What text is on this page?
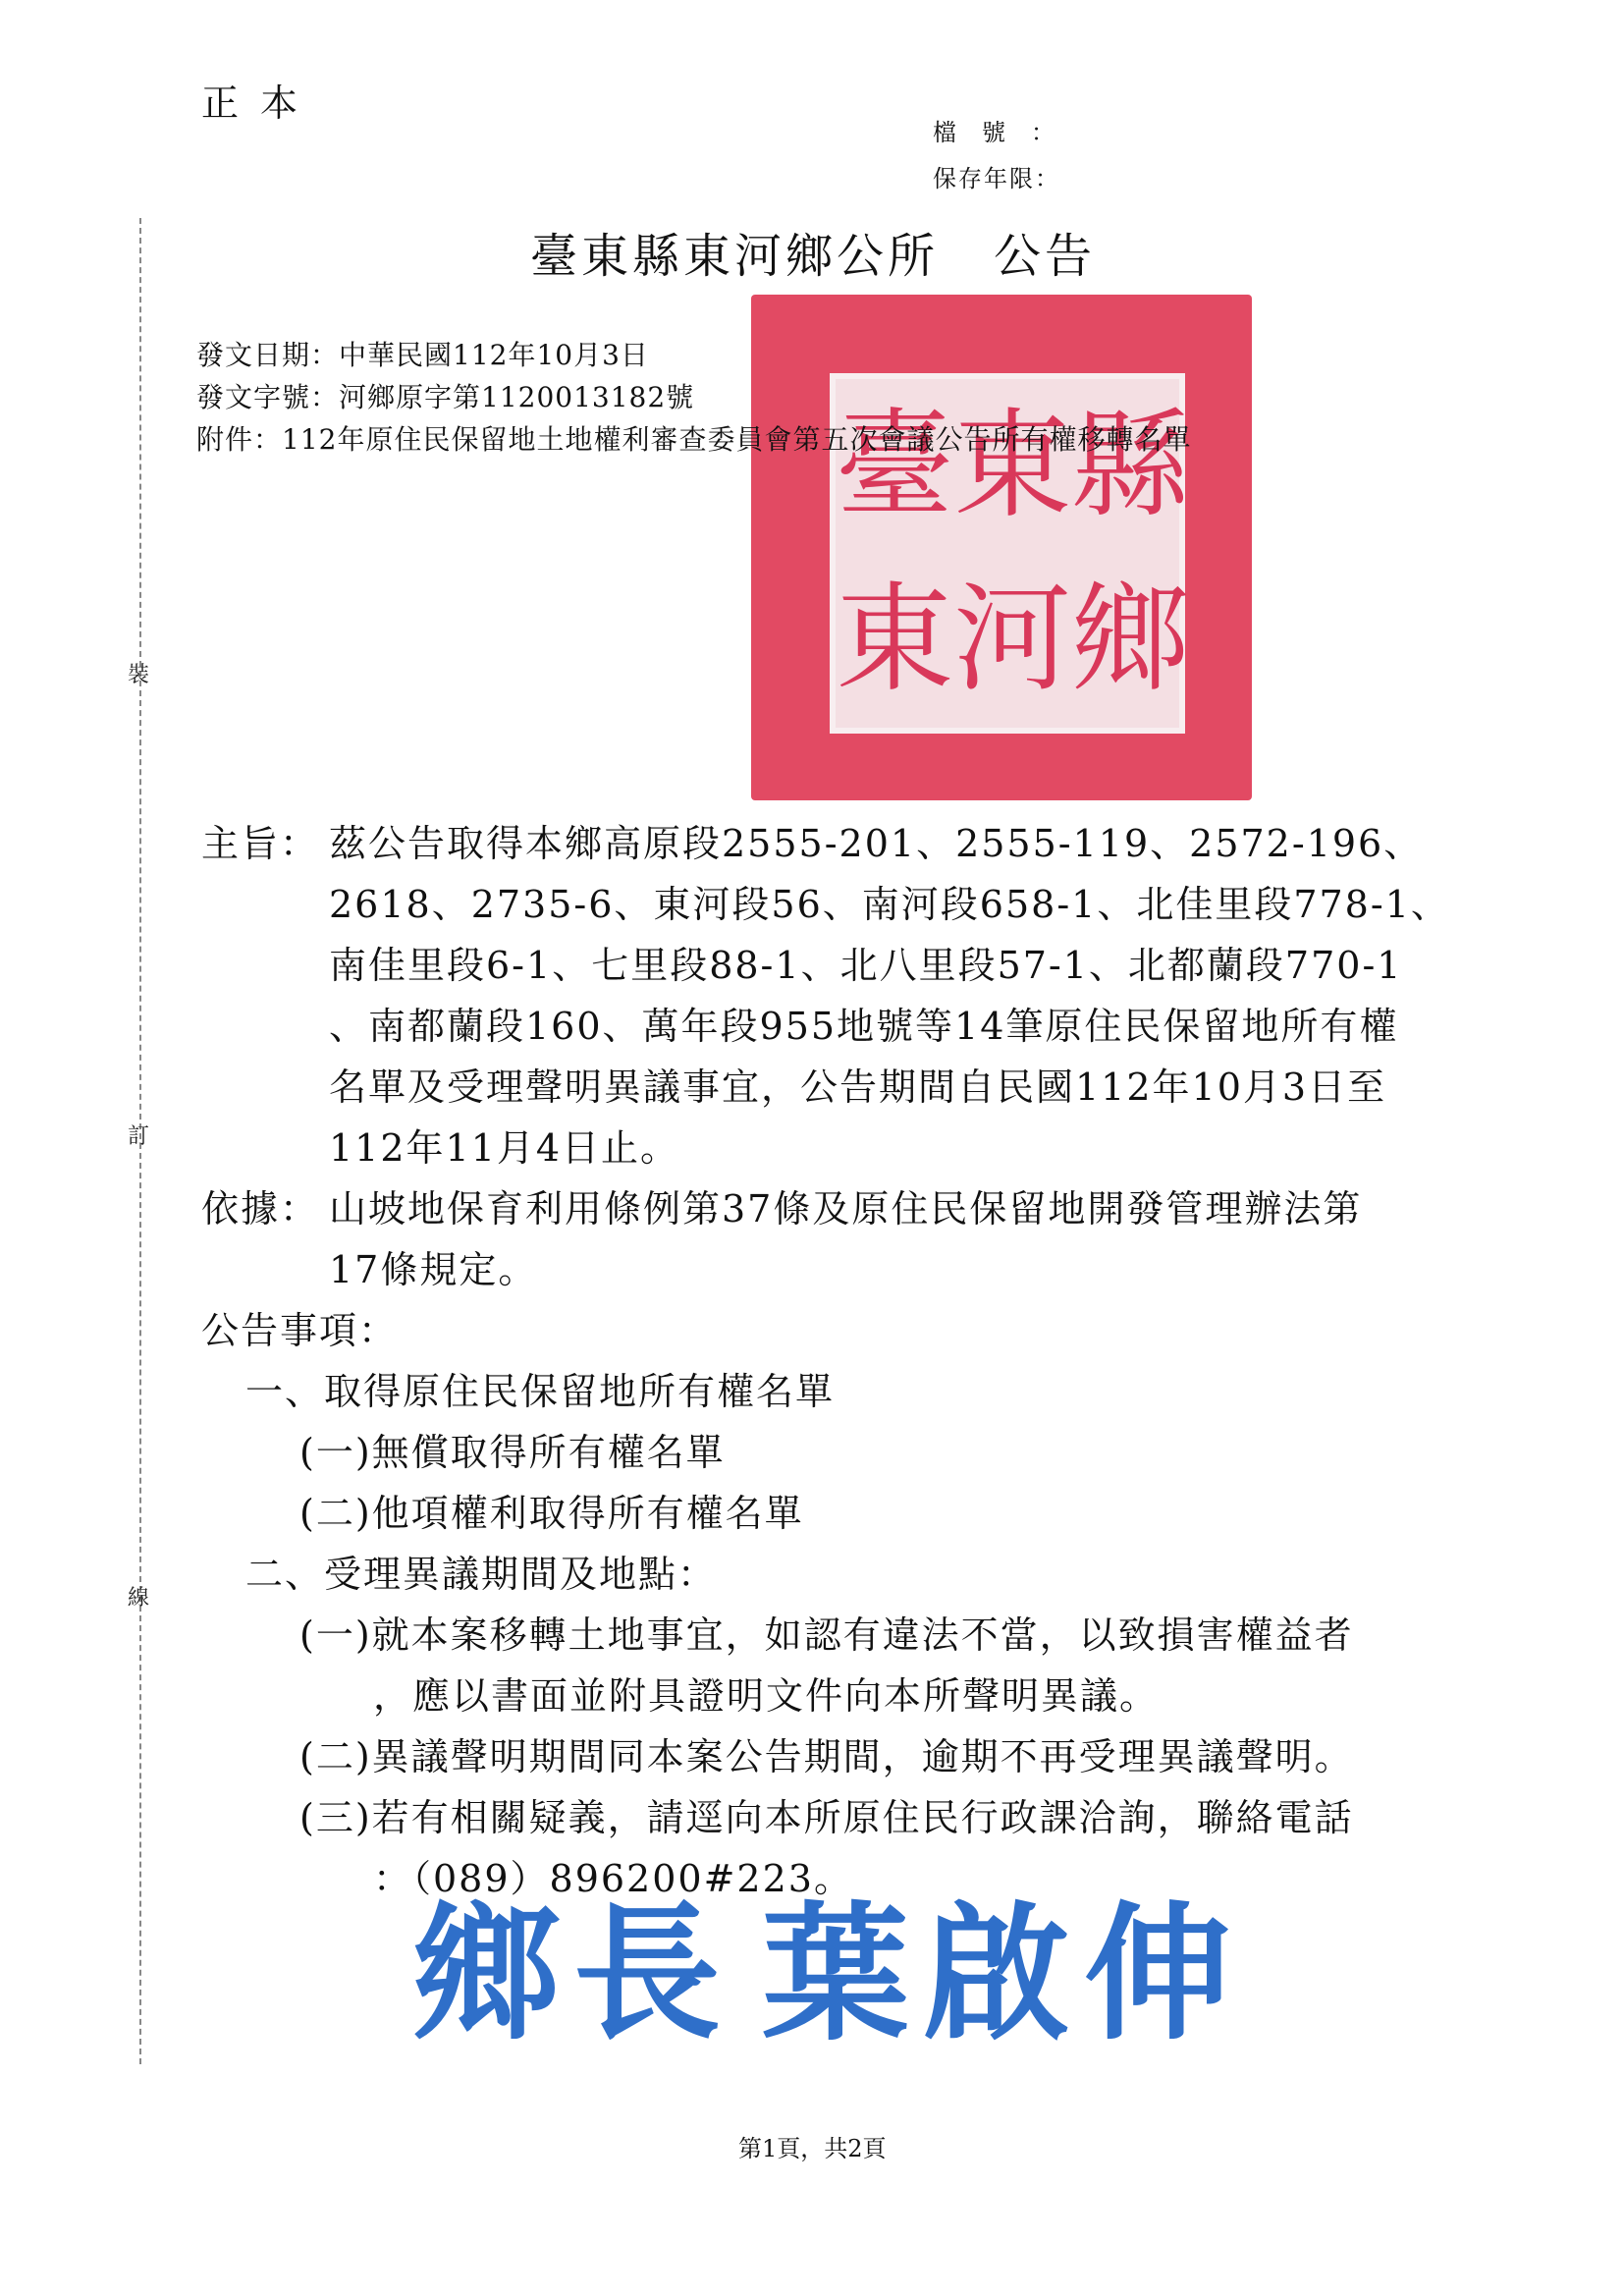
正本
檔號：
保存年限：
裝
訂
線
臺東縣東河鄉公所 公告
發文日期：中華民國112年10月3日
發文字號：河鄉原字第1120013182號
臺 東 縣
東 河 鄉
附件：112年原住民保留地土地權利審查委員會第五次會議公告所有權移轉名單
主旨： 茲公告取得本鄉高原段2555-201、2555-119、2572-196、
2618、2735-6、東河段56、南河段658-1、北佳里段778-1、
南佳里段6-1、七里段88-1、北八里段57-1、北都蘭段770-1
、南都蘭段160、萬年段955地號等14筆原住民保留地所有權
名單及受理聲明異議事宜，公告期間自民國112年10月3日至
112年11月4日止。
依據： 山坡地保育利用條例第37條及原住民保留地開發管理辦法第
17條規定。
公告事項：
一、取得原住民保留地所有權名單
(一)無償取得所有權名單
(二)他項權利取得所有權名單
二、受理異議期間及地點：
(一)就本案移轉土地事宜，如認有違法不當，以致損害權益者
，應以書面並附具證明文件向本所聲明異議。
(二)異議聲明期間同本案公告期間，逾期不再受理異議聲明。
(三)若有相關疑義，請逕向本所原住民行政課洽詢，聯絡電話
：（089）896200#223。
鄉長 葉啟伸
第1頁，共2頁
